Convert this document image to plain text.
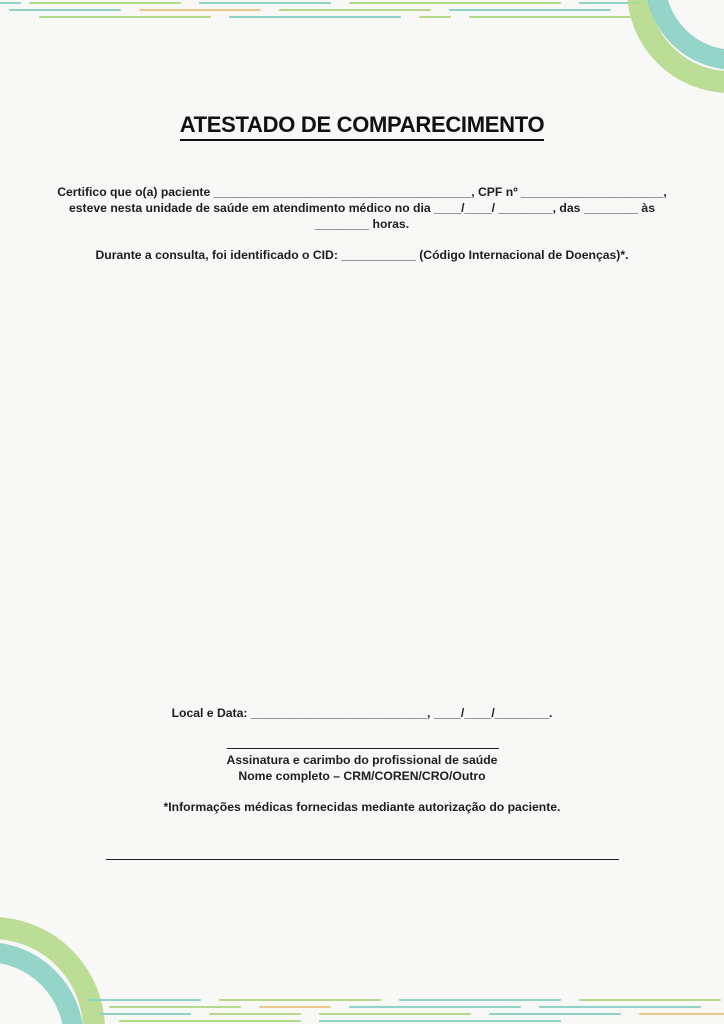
ATESTADO DE COMPARECIMENTO
Certifico que o(a) paciente ______________________________________, CPF nº _____________________, esteve nesta unidade de saúde em atendimento médico no dia ____/____/ ________, das ________ às ________ horas.
Durante a consulta, foi identificado o CID: ___________ (Código Internacional de Doenças)*.
Local e Data: __________________________, ____/____/________.
Assinatura e carimbo do profissional de saúde
Nome completo – CRM/COREN/CRO/Outro
*Informações médicas fornecidas mediante autorização do paciente.
